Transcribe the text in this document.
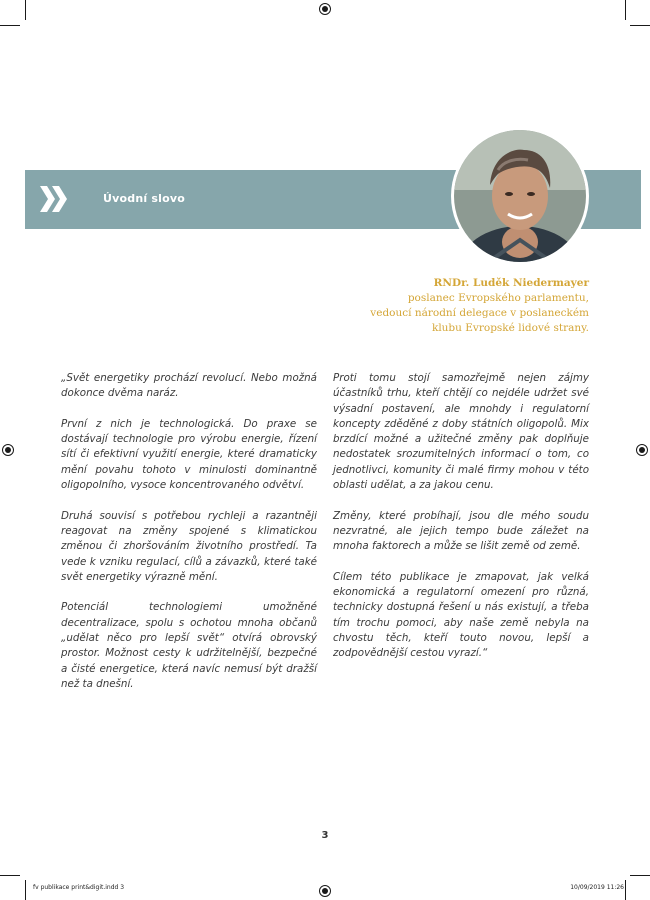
Úvodní slovo
RNDr. Luděk Niedermayer
poslanec Evropského parlamentu,
vedoucí národní delegace v poslaneckém
klubu Evropské lidové strany.

„Svět energetiky prochází revolucí. Nebo možná dokonce dvěma naráz.

První z nich je technologická. Do praxe se dostávají technologie pro výrobu energie, řízení sítí či efektivní využití energie, které dramaticky mění povahu tohoto v minulosti dominantně oligopolního, vysoce koncentrovaného odvětví.

Druhá souvisí s potřebou rychleji a razantněji reagovat na změny spojené s klimatickou změnou či zhoršováním životního prostředí. Ta vede k vzniku regulací, cílů a závazků, které také svět energetiky výrazně mění.

Potenciál technologiemi umožněné decentralizace, spolu s ochotou mnoha občanů „udělat něco pro lepší svět“ otvírá obrovský prostor. Možnost cesty k udržitelnější, bezpečné a čisté energetice, která navíc nemusí být dražší než ta dnešní.

Proti tomu stojí samozřejmě nejen zájmy účastníků trhu, kteří chtějí co nejdéle udržet své výsadní postavení, ale mnohdy i regulatorní koncepty zděděné z doby státních oligopolů. Mix brzdící možné a užitečné změny pak doplňuje nedostatek srozumitelných informací o tom, co jednotlivci, komunity či malé firmy mohou v této oblasti udělat, a za jakou cenu.

Změny, které probíhají, jsou dle mého soudu nezvratné, ale jejich tempo bude záležet na mnoha faktorech a může se lišit země od země.

Cílem této publikace je zmapovat, jak velká ekonomická a regulatorní omezení pro různá, technicky dostupná řešení u nás existují, a třeba tím trochu pomoci, aby naše země nebyla na chvostu těch, kteří touto novou, lepší a zodpovědnější cestou vyrazí.“

3
fv publikace print&digit.indd 3	10/09/2019 11:26
